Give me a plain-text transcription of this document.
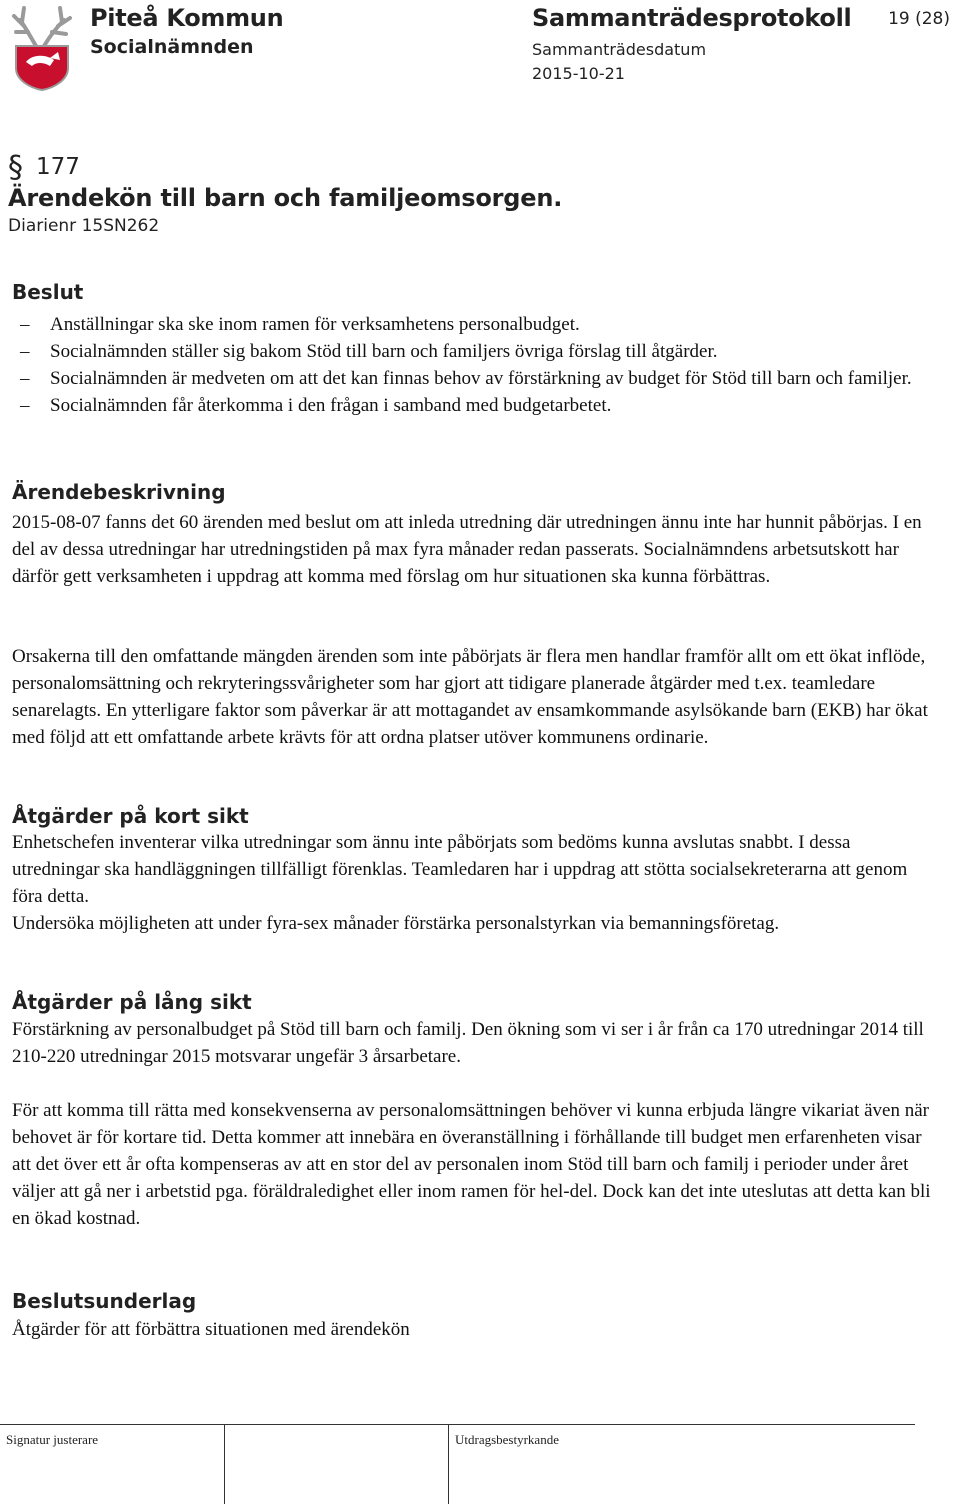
Piteå Kommun
Socialnämnden
Sammanträdesprotokoll
Sammanträdesdatum
2015-10-21
19 (28)
§ 177
Ärendekön till barn och familjeomsorgen.
Diarienr 15SN262
Beslut
– Anställningar ska ske inom ramen för verksamhetens personalbudget.
– Socialnämnden ställer sig bakom Stöd till barn och familjers övriga förslag till åtgärder.
– Socialnämnden är medveten om att det kan finnas behov av förstärkning av budget för Stöd till barn och familjer.
– Socialnämnden får återkomma i den frågan i samband med budgetarbetet.
Ärendebeskrivning

2015-08-07 fanns det 60 ärenden med beslut om att inleda utredning där utredningen ännu inte har hunnit påbörjas. I en del av dessa utredningar har utredningstiden på max fyra månader redan passerats. Socialnämndens arbetsutskott har därför gett verksamheten i uppdrag att komma med förslag om hur situationen ska kunna förbättras.

Orsakerna till den omfattande mängden ärenden som inte påbörjats är flera men handlar framför allt om ett ökat inflöde, personalomsättning och rekryteringssvårigheter som har gjort att tidigare planerade åtgärder med t.ex. teamledare senarelagts. En ytterligare faktor som påverkar är att mottagandet av ensamkommande asylsökande barn (EKB) har ökat med följd att ett omfattande arbete krävts för att ordna platser utöver kommunens ordinarie.

Åtgärder på kort sikt

Enhetschefen inventerar vilka utredningar som ännu inte påbörjats som bedöms kunna avslutas snabbt. I dessa utredningar ska handläggningen tillfälligt förenklas. Teamledaren har i uppdrag att stötta socialsekreterarna att genom föra detta.

Undersöka möjligheten att under fyra-sex månader förstärka personalstyrkan via bemanningsföretag.

Åtgärder på lång sikt

Förstärkning av personalbudget på Stöd till barn och familj. Den ökning som vi ser i år från ca 170 utredningar 2014 till 210-220 utredningar 2015 motsvarar ungefär 3 årsarbetare.

För att komma till rätta med konsekvenserna av personalomsättningen behöver vi kunna erbjuda längre vikariat även när behovet är för kortare tid. Detta kommer att innebära en överanställning i förhållande till budget men erfarenheten visar att det över ett år ofta kompenseras av att en stor del av personalen inom Stöd till barn och familj i perioder under året väljer att gå ner i arbetstid pga. föräldraledighet eller inom ramen för hel-del. Dock kan det inte uteslutas att detta kan bli en ökad kostnad.

Beslutsunderlag

Åtgärder för att förbättra situationen med ärendekön

Signatur justerare	Utdragsbestyrkande
